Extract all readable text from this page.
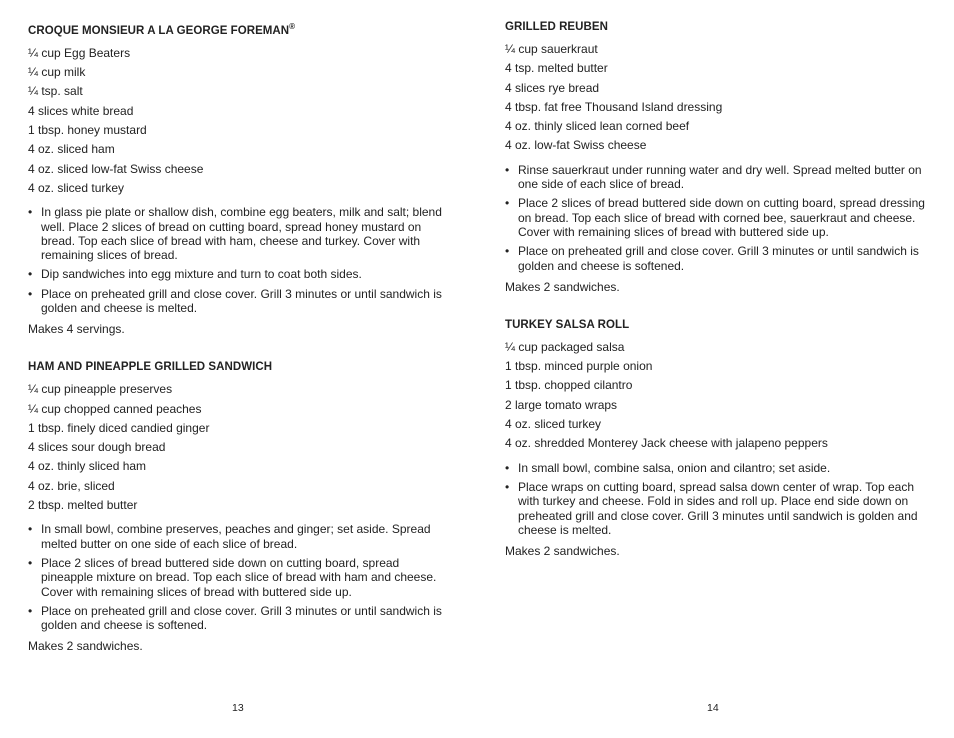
CROQUE MONSIEUR A LA GEORGE FOREMAN®
¼ cup Egg Beaters
¼ cup milk
¼ tsp. salt
4 slices white bread
1 tbsp. honey mustard
4 oz. sliced ham
4 oz. sliced low-fat Swiss cheese
4 oz. sliced turkey
• In glass pie plate or shallow dish, combine egg beaters, milk and salt; blend well. Place 2 slices of bread on cutting board, spread honey mustard on bread. Top each slice of bread with ham, cheese and turkey. Cover with remaining slices of bread.
• Dip sandwiches into egg mixture and turn to coat both sides.
• Place on preheated grill and close cover. Grill 3 minutes or until sandwich is golden and cheese is melted.
Makes 4 servings.
HAM AND PINEAPPLE GRILLED SANDWICH
¼ cup pineapple preserves
¼ cup chopped canned peaches
1 tbsp. finely diced candied ginger
4 slices sour dough bread
4 oz. thinly sliced ham
4 oz. brie, sliced
2 tbsp. melted butter
• In small bowl, combine preserves, peaches and ginger; set aside. Spread melted butter on one side of each slice of bread.
• Place 2 slices of bread buttered side down on cutting board, spread pineapple mixture on bread. Top each slice of bread with ham and cheese. Cover with remaining slices of bread with buttered side up.
• Place on preheated grill and close cover. Grill 3 minutes or until sandwich is golden and cheese is softened.
Makes 2 sandwiches.
13
GRILLED REUBEN
¼ cup sauerkraut
4 tsp. melted butter
4 slices rye bread
4 tbsp. fat free Thousand Island dressing
4 oz. thinly sliced lean corned beef
4 oz. low-fat Swiss cheese
• Rinse sauerkraut under running water and dry well. Spread melted butter on one side of each slice of bread.
• Place 2 slices of bread buttered side down on cutting board, spread dressing on bread. Top each slice of bread with corned bee, sauerkraut and cheese. Cover with remaining slices of bread with buttered side up.
• Place on preheated grill and close cover. Grill 3 minutes or until sandwich is golden and cheese is softened.
Makes 2 sandwiches.
TURKEY SALSA ROLL
¼ cup packaged salsa
1 tbsp. minced purple onion
1 tbsp. chopped cilantro
2 large tomato wraps
4 oz. sliced turkey
4 oz. shredded Monterey Jack cheese with jalapeno peppers
• In small bowl, combine salsa, onion and cilantro; set aside.
• Place wraps on cutting board, spread salsa down center of wrap. Top each with turkey and cheese. Fold in sides and roll up. Place end side down on preheated grill and close cover. Grill 3 minutes until sandwich is golden and cheese is melted.
Makes 2 sandwiches.
14
